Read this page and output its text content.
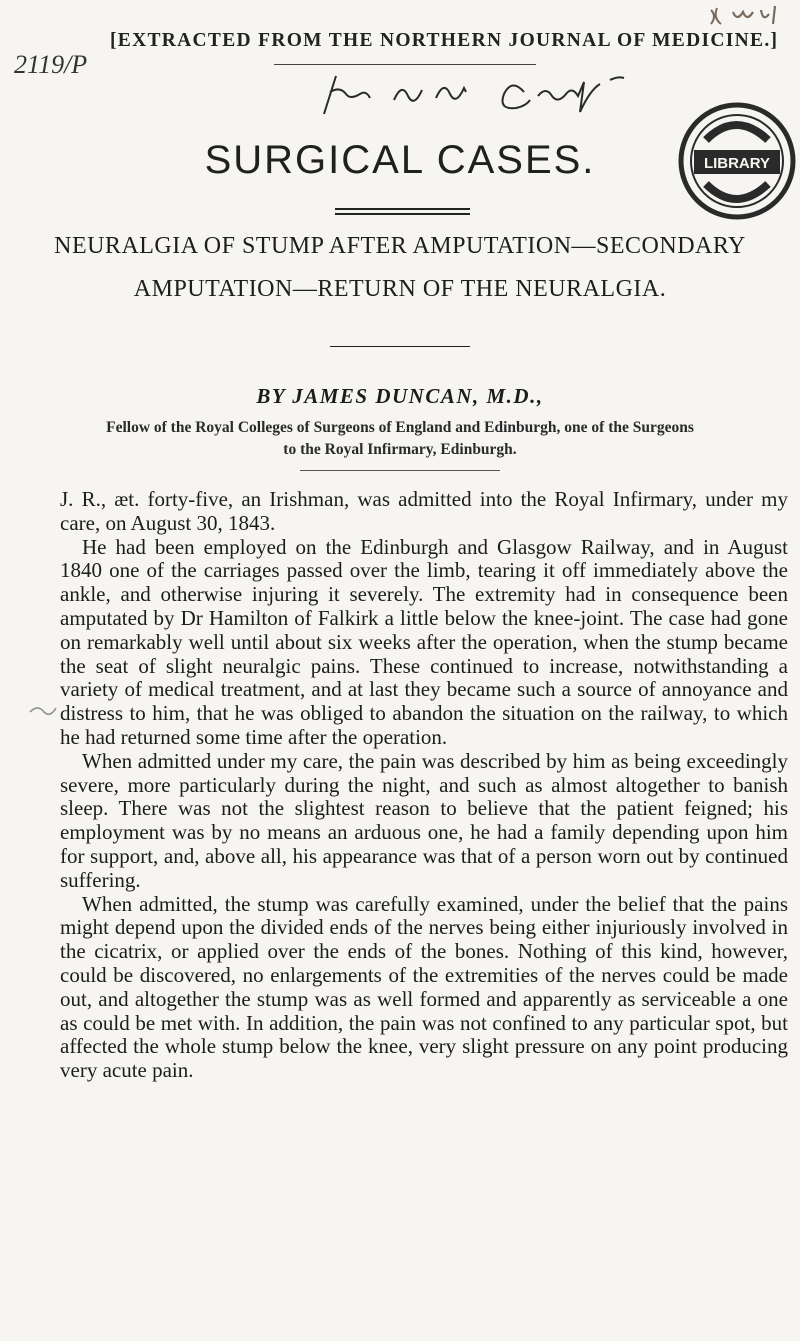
[EXTRACTED FROM THE NORTHERN JOURNAL OF MEDICINE.]
2119/P
SURGICAL CASES.	LIBRARY
NEURALGIA OF STUMP AFTER AMPUTATION—SECONDARY
AMPUTATION—RETURN OF THE NEURALGIA.
BY JAMES DUNCAN, M.D.,
Fellow of the Royal Colleges of Surgeons of England and Edinburgh, one of the Surgeons
to the Royal Infirmary, Edinburgh.

J. R., æt. forty-five, an Irishman, was admitted into the Royal Infirmary, under my care, on August 30, 1843.

He had been employed on the Edinburgh and Glasgow Railway, and in August 1840 one of the carriages passed over the limb, tearing it off immediately above the ankle, and otherwise injuring it severely. The extremity had in consequence been amputated by Dr Hamilton of Falkirk a little below the knee-joint. The case had gone on remarkably well until about six weeks after the operation, when the stump became the seat of slight neuralgic pains. These continued to increase, notwithstanding a variety of medical treatment, and at last they became such a source of annoyance and distress to him, that he was obliged to abandon the situation on the railway, to which he had returned some time after the operation.

When admitted under my care, the pain was described by him as being exceedingly severe, more particularly during the night, and such as almost altogether to banish sleep. There was not the slightest reason to believe that the patient feigned; his employment was by no means an arduous one, he had a family depending upon him for support, and, above all, his appearance was that of a person worn out by continued suffering.

When admitted, the stump was carefully examined, under the belief that the pains might depend upon the divided ends of the nerves being either injuriously involved in the cicatrix, or applied over the ends of the bones. Nothing of this kind, however, could be discovered, no enlargements of the extremities of the nerves could be made out, and altogether the stump was as well formed and apparently as serviceable a one as could be met with. In addition, the pain was not confined to any particular spot, but affected the whole stump below the knee, very slight pressure on any point producing very acute pain.
